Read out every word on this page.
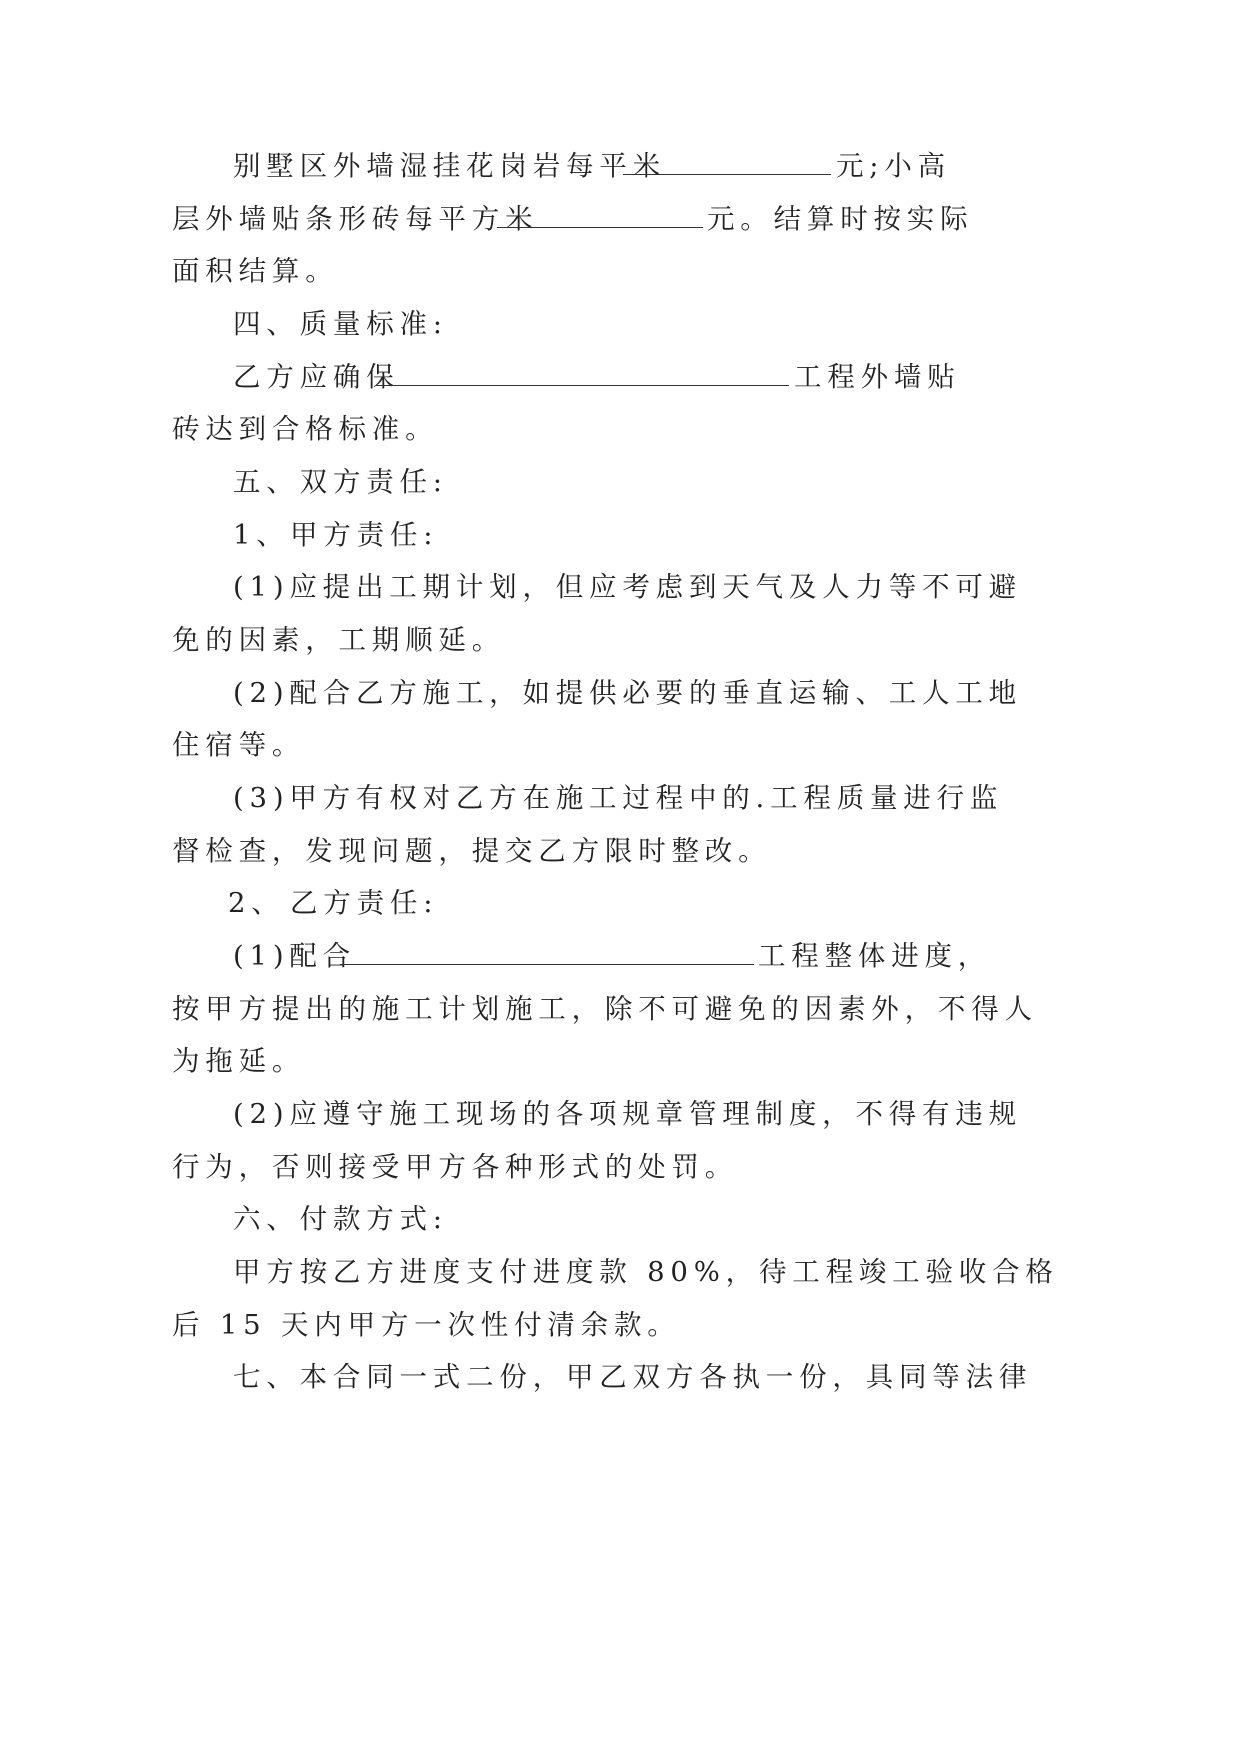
别墅区外墙湿挂花岗岩每平米	元;小高
层外墙贴条形砖每平方米	元。结算时按实际
面积结算。
四、质量标准:
乙方应确保	工程外墙贴
砖达到合格标准。
五、双方责任:
1、 甲方责任:
(1)应提出工期计划，但应考虑到天气及人力等不可避
免的因素，工期顺延。
(2)配合乙方施工，如提供必要的垂直运输、工人工地
住宿等。
(3)甲方有权对乙方在施工过程中的.工程质量进行监
督检查，发现问题，提交乙方限时整改。
2、 乙方责任:
(1)配合	工程整体进度，
按甲方提出的施工计划施工，除不可避免的因素外，不得人
为拖延。
(2)应遵守施工现场的各项规章管理制度，不得有违规
行为，否则接受甲方各种形式的处罚。
六、付款方式:
甲方按乙方进度支付进度款 80%，待工程竣工验收合格
后 15 天内甲方一次性付清余款。
七、本合同一式二份，甲乙双方各执一份，具同等法律
